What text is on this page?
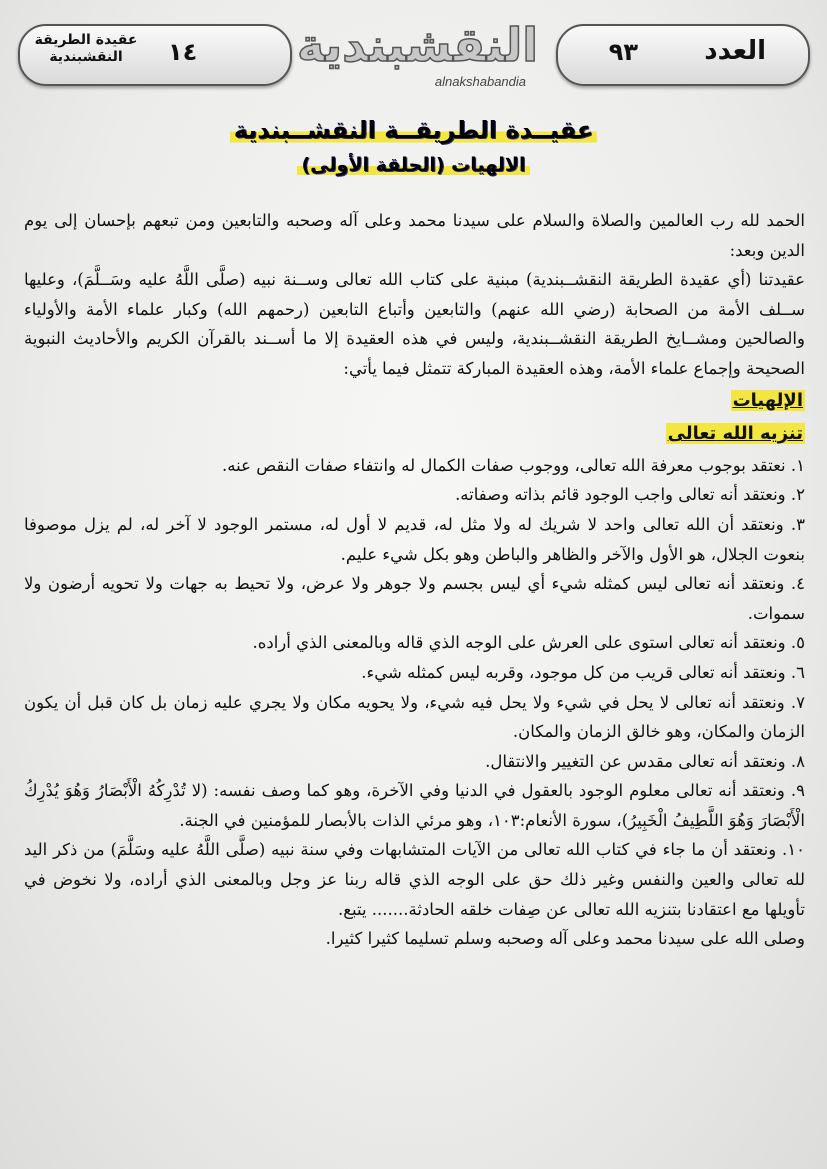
عقيدة الطريقة النقشبندية	١٤ النقشبندية
alnakshabandia
٩٣	العدد
عقيــدة الطريقــة النقشــبندية
الالهيات (الحلقة الأولى)

الحمد لله رب العالمين والصلاة والسلام على سيدنا محمد وعلى آله وصحبه والتابعين ومن تبعهم بإحسان إلى يوم الدين وبعد:

عقيدتنا (أي عقيدة الطريقة النقشــبندية) مبنية على كتاب الله تعالى وســنة نبيه (صلَّى اللَّهُ عليه وسَــلَّمَ)، وعليها ســلف الأمة من الصحابة (رضي الله عنهم) والتابعين وأتباع التابعين (رحمهم الله) وكبار علماء الأمة والأولياء والصالحين ومشــايخ الطريقة النقشــبندية، وليس في هذه العقيدة إلا ما أســند بالقرآن الكريم والأحاديث النبوية الصحيحة وإجماع علماء الأمة، وهذه العقيدة المباركة تتمثل فيما يأتي:

الإلهيات
تنزيه الله تعالى

١. نعتقد بوجوب معرفة الله تعالى، ووجوب صفات الكمال له وانتفاء صفات النقص عنه.

٢. ونعتقد أنه تعالى واجب الوجود قائم بذاته وصفاته.

٣. ونعتقد أن الله تعالى واحد لا شريك له ولا مثل له، قديم لا أول له، مستمر الوجود لا آخر له، لم يزل موصوفا بنعوت الجلال، هو الأول والآخر والظاهر والباطن وهو بكل شيء عليم.

٤. ونعتقد أنه تعالى ليس كمثله شيء أي ليس بجسم ولا جوهر ولا عرض، ولا تحيط به جهات ولا تحويه أرضون ولا سموات.

٥. ونعتقد أنه تعالى استوى على العرش على الوجه الذي قاله وبالمعنى الذي أراده.

٦. ونعتقد أنه تعالى قريب من كل موجود، وقربه ليس كمثله شيء.

٧. ونعتقد أنه تعالى لا يحل في شيء ولا يحل فيه شيء، ولا يحويه مكان ولا يجري عليه زمان بل كان قبل أن يكون الزمان والمكان، وهو خالق الزمان والمكان.

٨. ونعتقد أنه تعالى مقدس عن التغيير والانتقال.

٩. ونعتقد أنه تعالى معلوم الوجود بالعقول في الدنيا وفي الآخرة، وهو كما وصف نفسه: (لا تُدْرِكُهُ الْأَبْصَارُ وَهُوَ يُدْرِكُ الْأَبْصَارَ وَهُوَ اللَّطِيفُ الْخَبِيرُ)، سورة الأنعام:١٠٣، وهو مرئي الذات بالأبصار للمؤمنين في الجنة.

١٠. ونعتقد أن ما جاء في كتاب الله تعالى من الآيات المتشابهات وفي سنة نبيه (صلَّى اللَّهُ عليه وسَلَّمَ) من ذكر اليد لله تعالى والعين والنفس وغير ذلك حق على الوجه الذي قاله ربنا عز وجل وبالمعنى الذي أراده، ولا نخوض في تأويلها مع اعتقادنا بتنزيه الله تعالى عن صِفات خلقه الحادثة....... يتبع.

وصلى الله على سيدنا محمد وعلى آله وصحبه وسلم تسليما كثيرا كثيرا.
